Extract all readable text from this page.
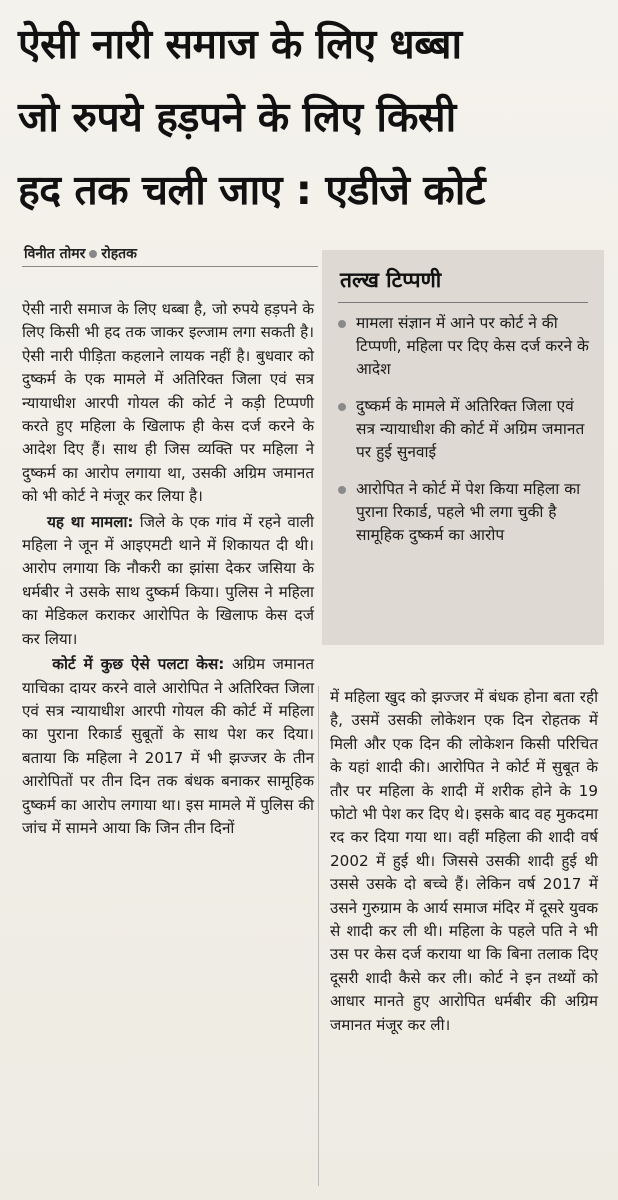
ऐसी नारी समाज के लिए धब्बा
जो रुपये हड़पने के लिए किसी
हद तक चली जाए : एडीजे कोर्ट
विनीत तोमर रोहतक

ऐसी नारी समाज के लिए धब्बा है, जो रुपये हड़पने के लिए किसी भी हद तक जाकर इल्जाम लगा सकती है। ऐसी नारी पीड़िता कहलाने लायक नहीं है। बुधवार को दुष्कर्म के एक मामले में अतिरिक्त जिला एवं सत्र न्यायाधीश आरपी गोयल की कोर्ट ने कड़ी टिप्पणी करते हुए महिला के खिलाफ ही केस दर्ज करने के आदेश दिए हैं। साथ ही जिस व्यक्ति पर महिला ने दुष्कर्म का आरोप लगाया था, उसकी अग्रिम जमानत को भी कोर्ट ने मंजूर कर लिया है।

यह था मामला: जिले के एक गांव में रहने वाली महिला ने जून में आइएमटी थाने में शिकायत दी थी। आरोप लगाया कि नौकरी का झांसा देकर जसिया के धर्मबीर ने उसके साथ दुष्कर्म किया। पुलिस ने महिला का मेडिकल कराकर आरोपित के खिलाफ केस दर्ज कर लिया।

कोर्ट में कुछ ऐसे पलटा केस: अग्रिम जमानत याचिका दायर करने वाले आरोपित ने अतिरिक्त जिला एवं सत्र न्यायाधीश आरपी गोयल की कोर्ट में महिला का पुराना रिकार्ड सुबूतों के साथ पेश कर दिया। बताया कि महिला ने 2017 में भी झज्जर के तीन आरोपितों पर तीन दिन तक बंधक बनाकर सामूहिक दुष्कर्म का आरोप लगाया था। इस मामले में पुलिस की जांच में सामने आया कि जिन तीन दिनों

तल्ख टिप्पणी
मामला संज्ञान में आने पर कोर्ट ने की टिप्पणी, महिला पर दिए केस दर्ज करने के आदेश
दुष्कर्म के मामले में अतिरिक्त जिला एवं सत्र न्यायाधीश की कोर्ट में अग्रिम जमानत पर हुई सुनवाई
आरोपित ने कोर्ट में पेश किया महिला का पुराना रिकार्ड, पहले भी लगा चुकी है सामूहिक दुष्कर्म का आरोप

में महिला खुद को झज्जर में बंधक होना बता रही है, उसमें उसकी लोकेशन एक दिन रोहतक में मिली और एक दिन की लोकेशन किसी परिचित के यहां शादी की। आरोपित ने कोर्ट में सुबूत के तौर पर महिला के शादी में शरीक होने के 19 फोटो भी पेश कर दिए थे। इसके बाद वह मुकदमा रद कर दिया गया था। वहीं महिला की शादी वर्ष 2002 में हुई थी। जिससे उसकी शादी हुई थी उससे उसके दो बच्चे हैं। लेकिन वर्ष 2017 में उसने गुरुग्राम के आर्य समाज मंदिर में दूसरे युवक से शादी कर ली थी। महिला के पहले पति ने भी उस पर केस दर्ज कराया था कि बिना तलाक दिए दूसरी शादी कैसे कर ली। कोर्ट ने इन तथ्यों को आधार मानते हुए आरोपित धर्मबीर की अग्रिम जमानत मंजूर कर ली।
